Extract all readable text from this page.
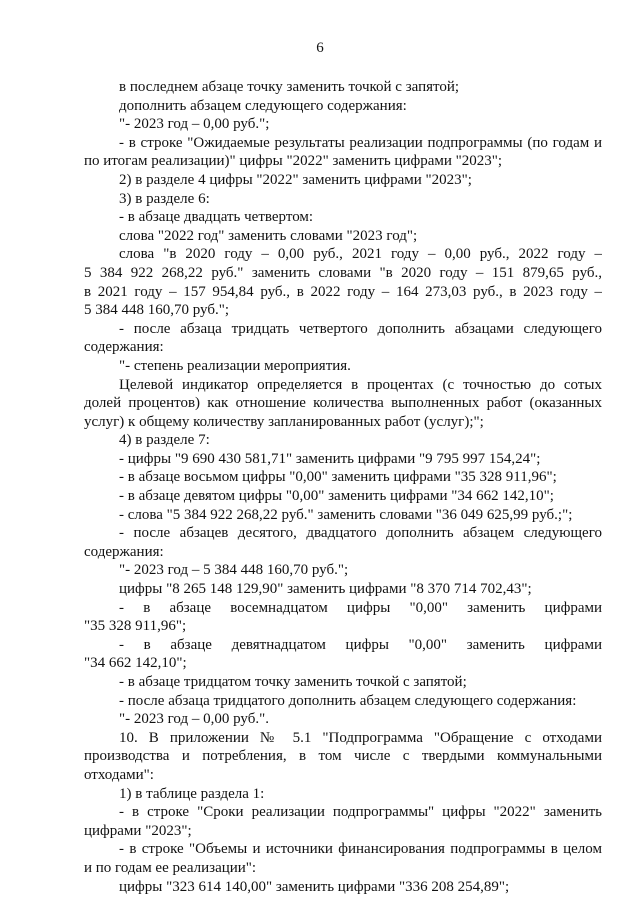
6

в последнем абзаце точку заменить точкой с запятой;

дополнить абзацем следующего содержания:

"- 2023 год – 0,00 руб.";

- в строке "Ожидаемые результаты реализации подпрограммы (по годам и

по итогам реализации)" цифры "2022" заменить цифрами "2023";

2) в разделе 4 цифры "2022" заменить цифрами "2023";

3) в разделе 6:

- в абзаце двадцать четвертом:

слова "2022 год" заменить словами "2023 год";

слова "в 2020 году – 0,00 руб., 2021 году – 0,00 руб., 2022 году –

5 384 922 268,22 руб." заменить словами "в 2020 году – 151 879,65 руб.,

в 2021 году – 157 954,84 руб., в 2022 году – 164 273,03 руб., в 2023 году –

5 384 448 160,70 руб.";

- после абзаца тридцать четвертого дополнить абзацами следующего

содержания:

"- степень реализации мероприятия.

Целевой индикатор определяется в процентах (с точностью до сотых

долей процентов) как отношение количества выполненных работ (оказанных

услуг) к общему количеству запланированных работ (услуг);";

4) в разделе 7:

- цифры "9 690 430 581,71" заменить цифрами "9 795 997 154,24";

- в абзаце восьмом цифры "0,00" заменить цифрами "35 328 911,96";

- в абзаце девятом цифры "0,00" заменить цифрами "34 662 142,10";

- слова "5 384 922 268,22 руб." заменить словами "36 049 625,99 руб.;";

- после абзацев десятого, двадцатого дополнить абзацем следующего

содержания:

"- 2023 год – 5 384 448 160,70 руб.";

цифры "8 265 148 129,90" заменить цифрами "8 370 714 702,43";

- в абзаце восемнадцатом цифры "0,00" заменить цифрами

"35 328 911,96";

- в абзаце девятнадцатом цифры "0,00" заменить цифрами

"34 662 142,10";

- в абзаце тридцатом точку заменить точкой с запятой;

- после абзаца тридцатого дополнить абзацем следующего содержания:

"- 2023 год – 0,00 руб.".

10. В приложении № 5.1 "Подпрограмма "Обращение с отходами

производства и потребления, в том числе с твердыми коммунальными

отходами":

1) в таблице раздела 1:

- в строке "Сроки реализации подпрограммы" цифры "2022" заменить

цифрами "2023";

- в строке "Объемы и источники финансирования подпрограммы в целом

и по годам ее реализации":

цифры "323 614 140,00" заменить цифрами "336 208 254,89";
